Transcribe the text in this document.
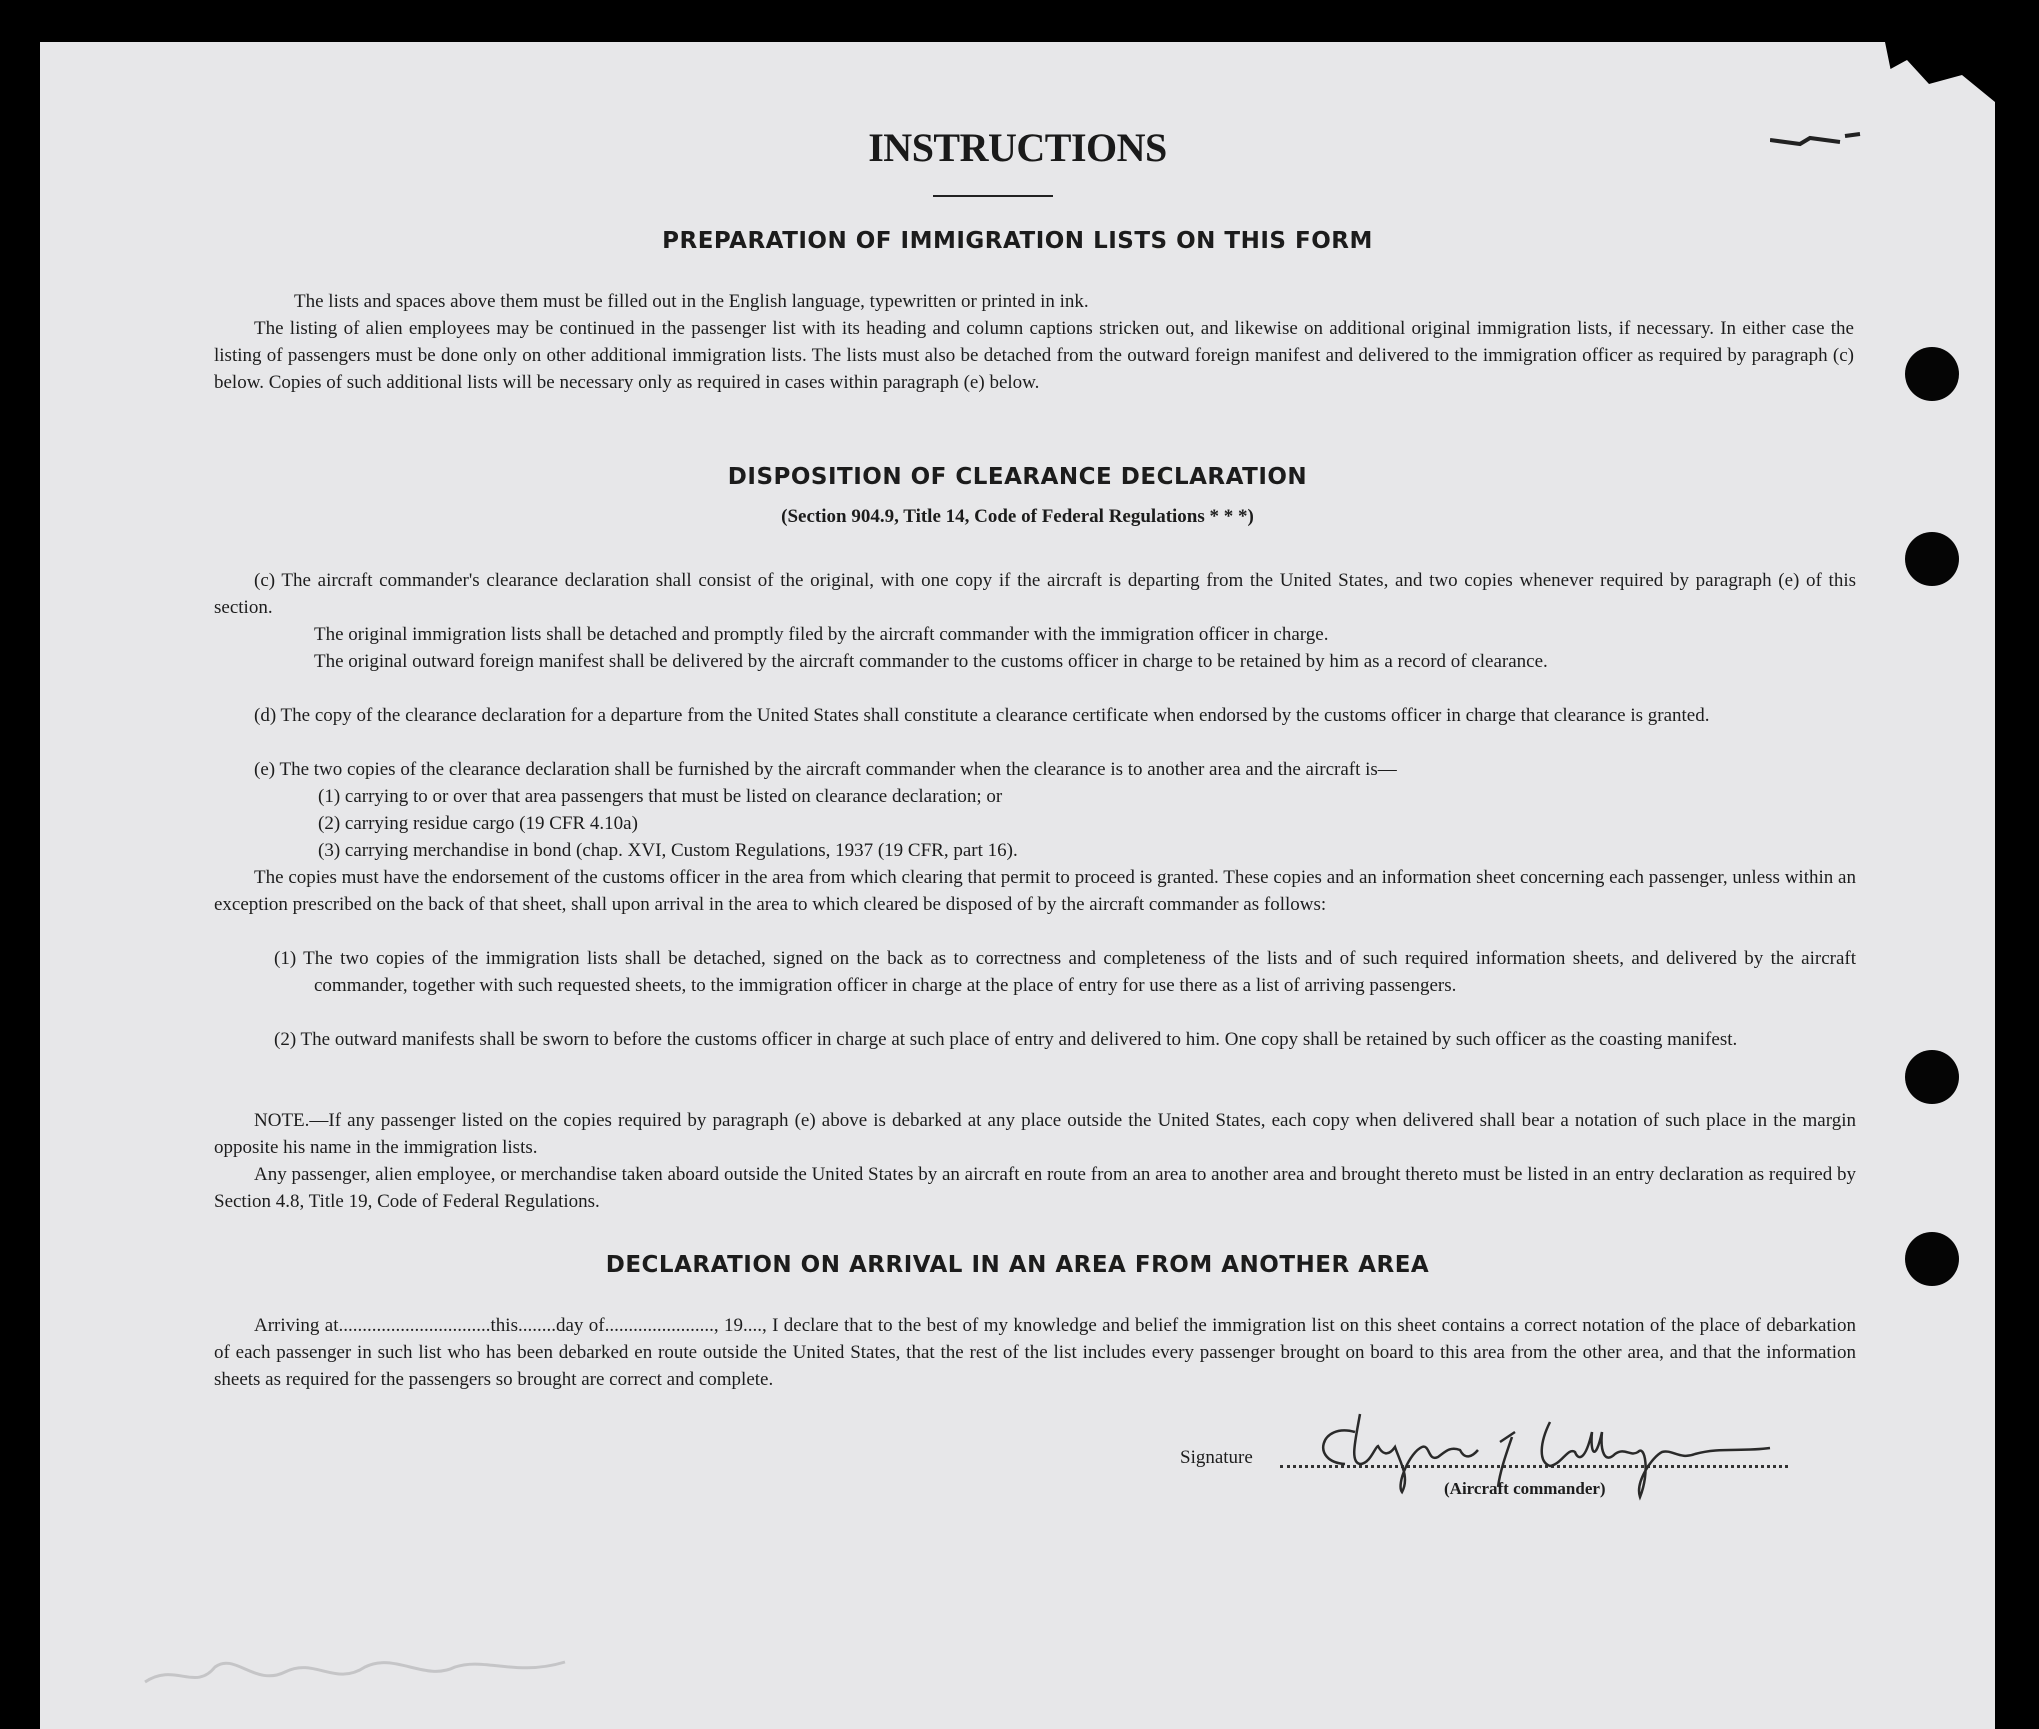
INSTRUCTIONS
PREPARATION OF IMMIGRATION LISTS ON THIS FORM

The lists and spaces above them must be filled out in the English language, typewritten or printed in ink.

The listing of alien employees may be continued in the passenger list with its heading and column captions stricken out, and likewise on additional original immigration lists, if necessary. In either case the listing of passengers must be done only on other additional immigration lists. The lists must also be detached from the outward foreign manifest and delivered to the immigration officer as required by paragraph (c) below. Copies of such additional lists will be necessary only as required in cases within paragraph (e) below.

DISPOSITION OF CLEARANCE DECLARATION
(Section 904.9, Title 14, Code of Federal Regulations * * *)

(c) The aircraft commander's clearance declaration shall consist of the original, with one copy if the aircraft is departing from the United States, and two copies whenever required by paragraph (e) of this section.

The original immigration lists shall be detached and promptly filed by the aircraft commander with the immigration officer in charge.

The original outward foreign manifest shall be delivered by the aircraft commander to the customs officer in charge to be retained by him as a record of clearance.

(d) The copy of the clearance declaration for a departure from the United States shall constitute a clearance certificate when endorsed by the customs officer in charge that clearance is granted.

(e) The two copies of the clearance declaration shall be furnished by the aircraft commander when the clearance is to another area and the aircraft is—

(1) carrying to or over that area passengers that must be listed on clearance declaration; or

(2) carrying residue cargo (19 CFR 4.10a)

(3) carrying merchandise in bond (chap. XVI, Custom Regulations, 1937 (19 CFR, part 16).

The copies must have the endorsement of the customs officer in the area from which clearing that permit to proceed is granted. These copies and an information sheet concerning each passenger, unless within an exception prescribed on the back of that sheet, shall upon arrival in the area to which cleared be disposed of by the aircraft commander as follows:

(1) The two copies of the immigration lists shall be detached, signed on the back as to correctness and completeness of the lists and of such required information sheets, and delivered by the aircraft commander, together with such requested sheets, to the immigration officer in charge at the place of entry for use there as a list of arriving passengers.

(2) The outward manifests shall be sworn to before the customs officer in charge at such place of entry and delivered to him. One copy shall be retained by such officer as the coasting manifest.

NOTE.—If any passenger listed on the copies required by paragraph (e) above is debarked at any place outside the United States, each copy when delivered shall bear a notation of such place in the margin opposite his name in the immigration lists.

Any passenger, alien employee, or merchandise taken aboard outside the United States by an aircraft en route from an area to another area and brought thereto must be listed in an entry declaration as required by Section 4.8, Title 19, Code of Federal Regulations.

DECLARATION ON ARRIVAL IN AN AREA FROM ANOTHER AREA

Arriving at................................this........day of......................., 19...., I declare that to the best of my knowledge and belief the immigration list on this sheet contains a correct notation of the place of debarkation of each passenger in such list who has been debarked en route outside the United States, that the rest of the list includes every passenger brought on board to this area from the other area, and that the information sheets as required for the passengers so brought are correct and complete.

Signature
(Aircraft commander)
